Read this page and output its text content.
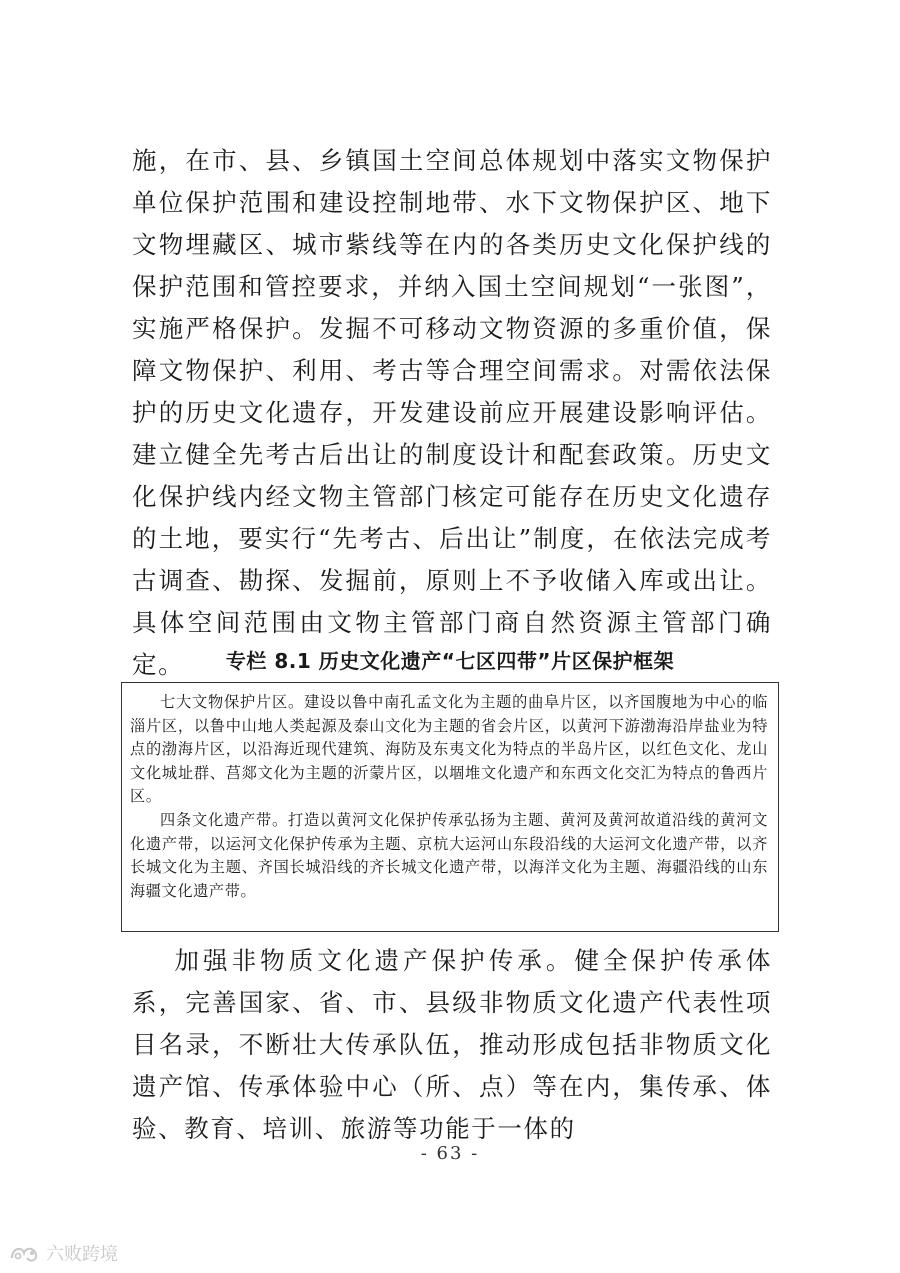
施，在市、县、乡镇国土空间总体规划中落实文物保护单位保护范围和建设控制地带、水下文物保护区、地下文物埋藏区、城市紫线等在内的各类历史文化保护线的保护范围和管控要求，并纳入国土空间规划“一张图”，实施严格保护。发掘不可移动文物资源的多重价值，保障文物保护、利用、考古等合理空间需求。对需依法保护的历史文化遗存，开发建设前应开展建设影响评估。建立健全先考古后出让的制度设计和配套政策。历史文化保护线内经文物主管部门核定可能存在历史文化遗存的土地，要实行“先考古、后出让”制度，在依法完成考古调查、勘探、发掘前，原则上不予收储入库或出让。具体空间范围由文物主管部门商自然资源主管部门确定。	专栏 8.1 历史文化遗产“七区四带”片区保护框架

七大文物保护片区。建设以鲁中南孔孟文化为主题的曲阜片区，以齐国腹地为中心的临淄片区，以鲁中山地人类起源及泰山文化为主题的省会片区，以黄河下游渤海沿岸盐业为特点的渤海片区，以沿海近现代建筑、海防及东夷文化为特点的半岛片区，以红色文化、龙山文化城址群、莒郯文化为主题的沂蒙片区，以堌堆文化遗产和东西文化交汇为特点的鲁西片区。

四条文化遗产带。打造以黄河文化保护传承弘扬为主题、黄河及黄河故道沿线的黄河文化遗产带，以运河文化保护传承为主题、京杭大运河山东段沿线的大运河文化遗产带，以齐长城文化为主题、齐国长城沿线的齐长城文化遗产带，以海洋文化为主题、海疆沿线的山东海疆文化遗产带。

加强非物质文化遗产保护传承。健全保护传承体系，完善国家、省、市、县级非物质文化遗产代表性项目名录，不断壮大传承队伍，推动形成包括非物质文化遗产馆、传承体验中心（所、点）等在内，集传承、体验、教育、培训、旅游等功能于一体的

- 63 -
六败跨境
